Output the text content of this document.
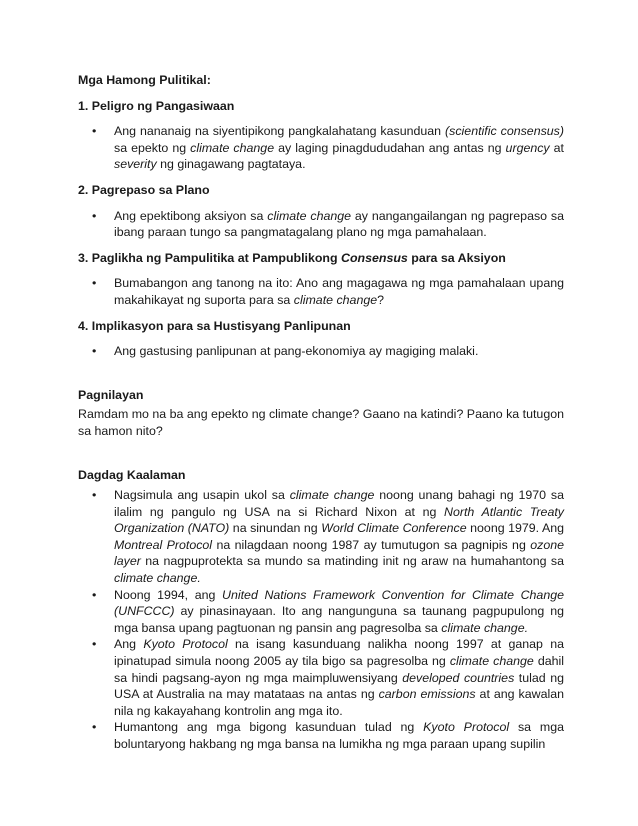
Mga Hamong Pulitikal:
1. Peligro ng Pangasiwaan
• Ang nananaig na siyentipikong pangkalahatang kasunduan (scientific consensus) sa epekto ng climate change ay laging pinagdududahan ang antas ng urgency at severity ng ginagawang pagtataya.
2. Pagrepaso sa Plano
• Ang epektibong aksiyon sa climate change ay nangangailangan ng pagrepaso sa ibang paraan tungo sa pangmatagalang plano ng mga pamahalaan.
3. Paglikha ng Pampulitika at Pampublikong Consensus para sa Aksiyon
• Bumabangon ang tanong na ito: Ano ang magagawa ng mga pamahalaan upang makahikayat ng suporta para sa climate change?
4. Implikasyon para sa Hustisyang Panlipunan
• Ang gastusing panlipunan at pang-ekonomiya ay magiging malaki.
Pagnilayan

Ramdam mo na ba ang epekto ng climate change? Gaano na katindi? Paano ka tutugon sa hamon nito?

Dagdag Kaalaman
• Nagsimula ang usapin ukol sa climate change noong unang bahagi ng 1970 sa ilalim ng pangulo ng USA na si Richard Nixon at ng North Atlantic Treaty Organization (NATO) na sinundan ng World Climate Conference noong 1979. Ang Montreal Protocol na nilagdaan noong 1987 ay tumutugon sa pagnipis ng ozone layer na nagpuprotekta sa mundo sa matinding init ng araw na humahantong sa climate change.
• Noong 1994, ang United Nations Framework Convention for Climate Change (UNFCCC) ay pinasinayaan. Ito ang nangunguna sa taunang pagpupulong ng mga bansa upang pagtuonan ng pansin ang pagresolba sa climate change.
• Ang Kyoto Protocol na isang kasunduang nalikha noong 1997 at ganap na ipinatupad simula noong 2005 ay tila bigo sa pagresolba ng climate change dahil sa hindi pagsang-ayon ng mga maimpluwensiyang developed countries tulad ng USA at Australia na may matataas na antas ng carbon emissions at ang kawalan nila ng kakayahang kontrolin ang mga ito.
• Humantong ang mga bigong kasunduan tulad ng Kyoto Protocol sa mga boluntaryong hakbang ng mga bansa na lumikha ng mga paraan upang supilin
